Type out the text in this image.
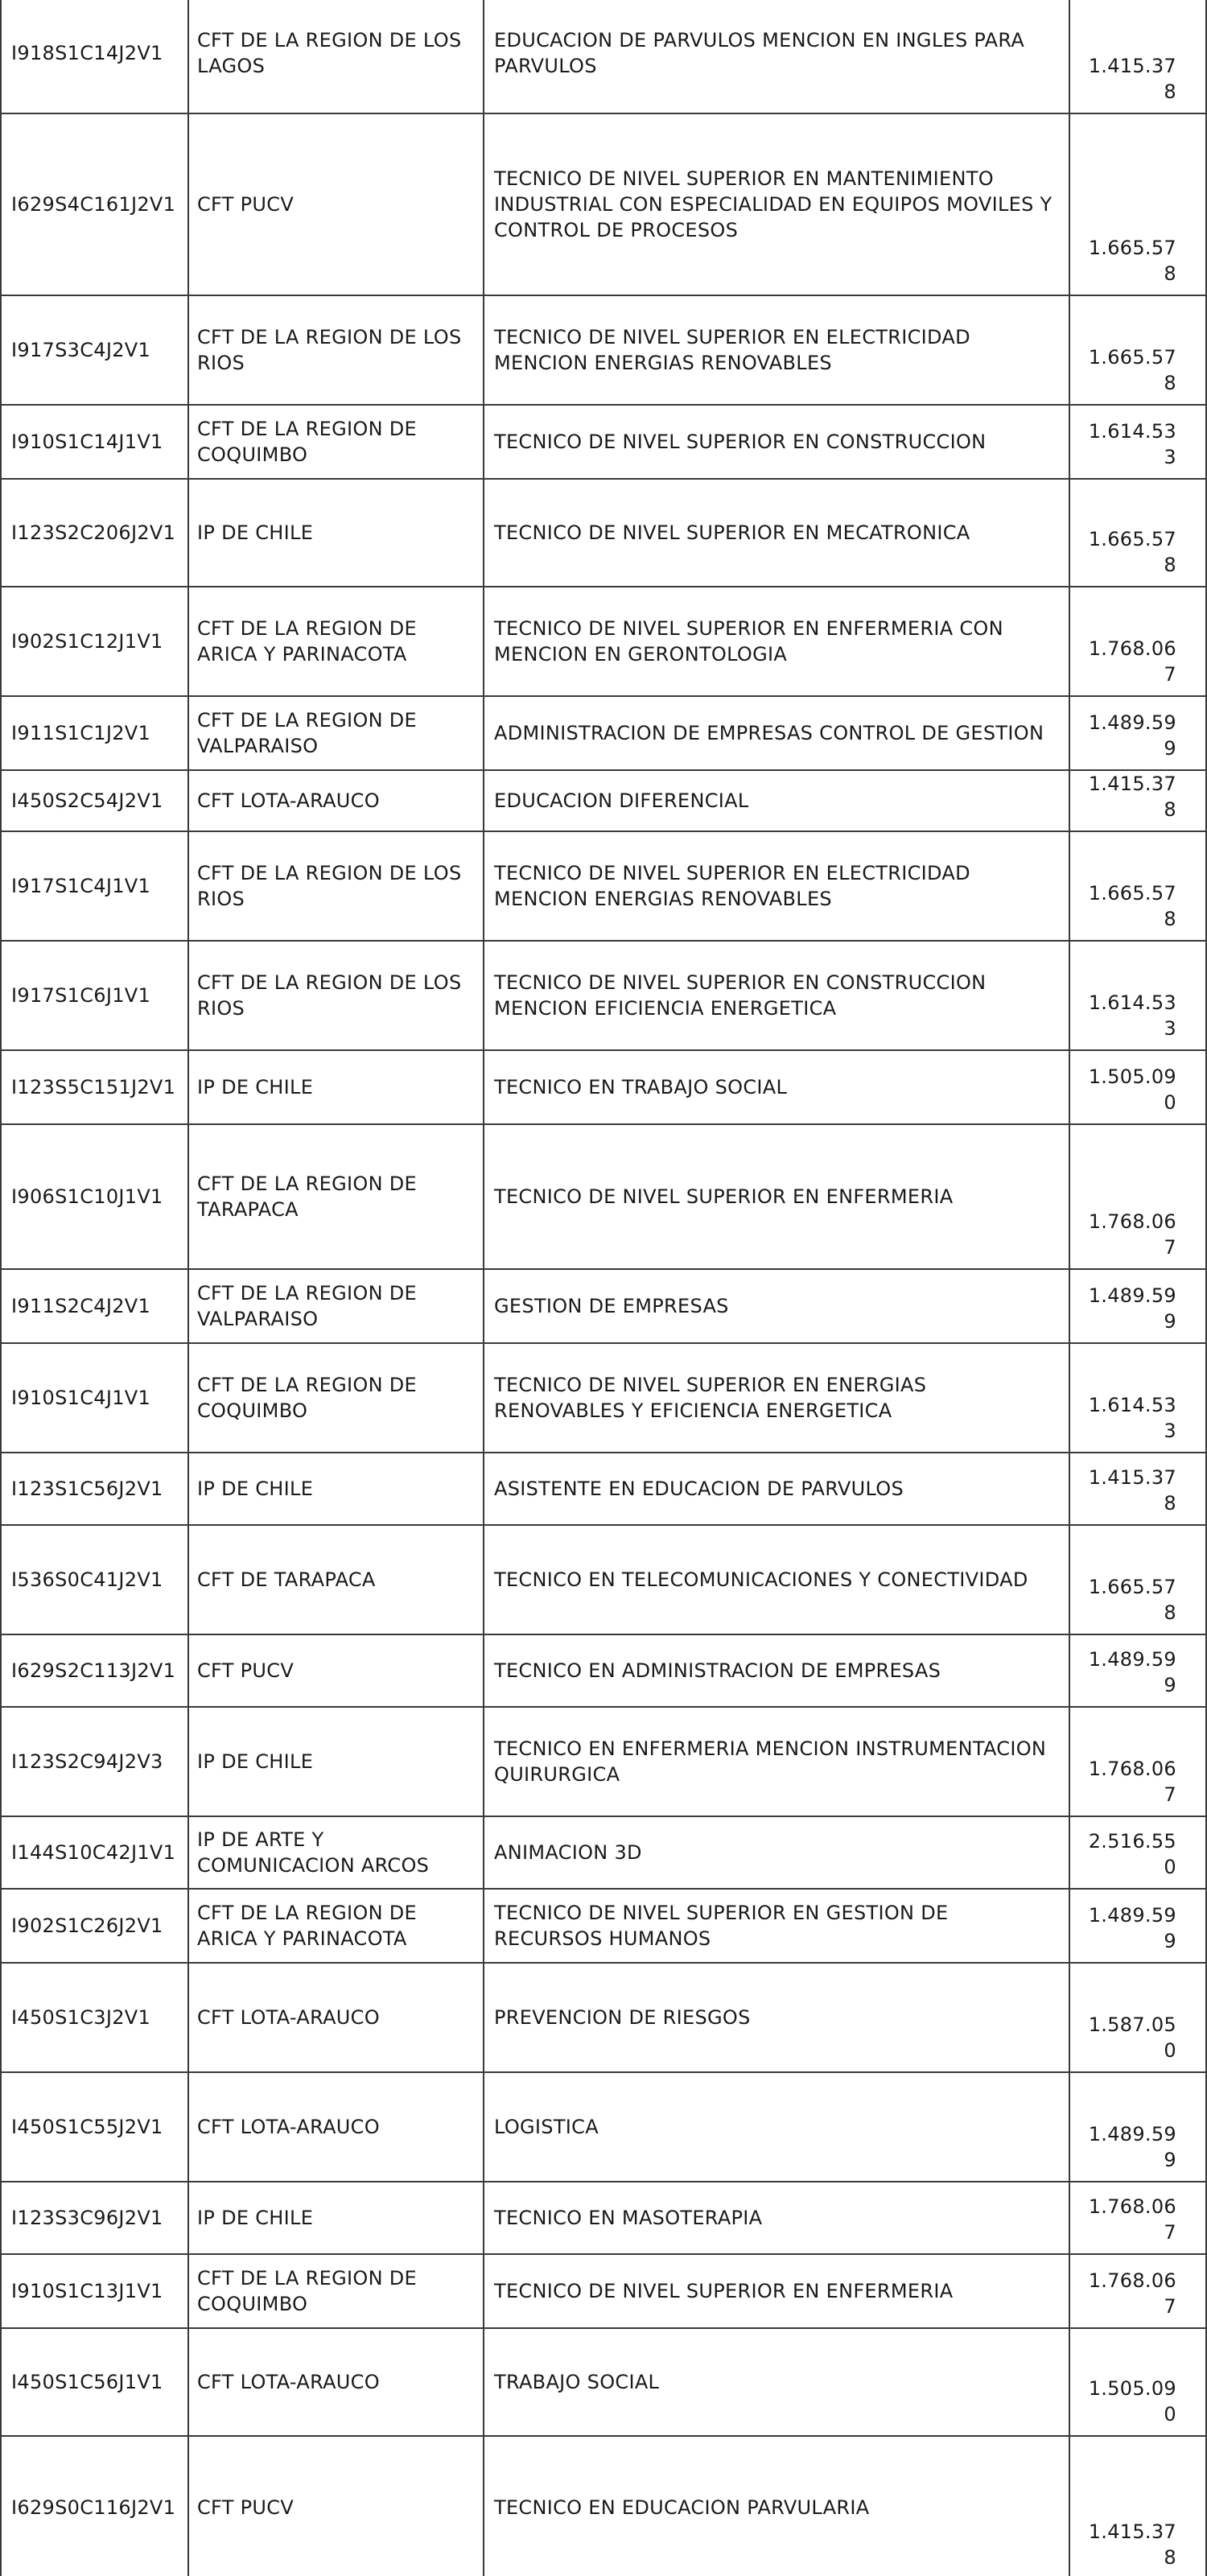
I918S1C14J2V1	CFT DE LA REGION DE LOS LAGOS	EDUCACION DE PARVULOS MENCION EN INGLES PARA PARVULOS	1.415.378
I629S4C161J2V1	CFT PUCV	TECNICO DE NIVEL SUPERIOR EN MANTENIMIENTO INDUSTRIAL CON ESPECIALIDAD EN EQUIPOS MOVILES Y CONTROL DE PROCESOS	1.665.578
I917S3C4J2V1	CFT DE LA REGION DE LOS RIOS	TECNICO DE NIVEL SUPERIOR EN ELECTRICIDAD MENCION ENERGIAS RENOVABLES	1.665.578
I910S1C14J1V1	CFT DE LA REGION DE COQUIMBO	TECNICO DE NIVEL SUPERIOR EN CONSTRUCCION	1.614.533
I123S2C206J2V1	IP DE CHILE	TECNICO DE NIVEL SUPERIOR EN MECATRONICA	1.665.578
I902S1C12J1V1	CFT DE LA REGION DE ARICA Y PARINACOTA	TECNICO DE NIVEL SUPERIOR EN ENFERMERIA CON MENCION EN GERONTOLOGIA	1.768.067
I911S1C1J2V1	CFT DE LA REGION DE VALPARAISO	ADMINISTRACION DE EMPRESAS CONTROL DE GESTION	1.489.599
I450S2C54J2V1	CFT LOTA-ARAUCO	EDUCACION DIFERENCIAL	1.415.378
I917S1C4J1V1	CFT DE LA REGION DE LOS RIOS	TECNICO DE NIVEL SUPERIOR EN ELECTRICIDAD MENCION ENERGIAS RENOVABLES	1.665.578
I917S1C6J1V1	CFT DE LA REGION DE LOS RIOS	TECNICO DE NIVEL SUPERIOR EN CONSTRUCCION MENCION EFICIENCIA ENERGETICA	1.614.533
I123S5C151J2V1	IP DE CHILE	TECNICO EN TRABAJO SOCIAL	1.505.090
I906S1C10J1V1	CFT DE LA REGION DE TARAPACA	TECNICO DE NIVEL SUPERIOR EN ENFERMERIA	1.768.067
I911S2C4J2V1	CFT DE LA REGION DE VALPARAISO	GESTION DE EMPRESAS	1.489.599
I910S1C4J1V1	CFT DE LA REGION DE COQUIMBO	TECNICO DE NIVEL SUPERIOR EN ENERGIAS RENOVABLES Y EFICIENCIA ENERGETICA	1.614.533
I123S1C56J2V1	IP DE CHILE	ASISTENTE EN EDUCACION DE PARVULOS	1.415.378
I536S0C41J2V1	CFT DE TARAPACA	TECNICO EN TELECOMUNICACIONES Y CONECTIVIDAD	1.665.578
I629S2C113J2V1	CFT PUCV	TECNICO EN ADMINISTRACION DE EMPRESAS	1.489.599
I123S2C94J2V3	IP DE CHILE	TECNICO EN ENFERMERIA MENCION INSTRUMENTACION QUIRURGICA	1.768.067
I144S10C42J1V1	IP DE ARTE Y COMUNICACION ARCOS	ANIMACION 3D	2.516.550
I902S1C26J2V1	CFT DE LA REGION DE ARICA Y PARINACOTA	TECNICO DE NIVEL SUPERIOR EN GESTION DE RECURSOS HUMANOS	1.489.599
I450S1C3J2V1	CFT LOTA-ARAUCO	PREVENCION DE RIESGOS	1.587.050
I450S1C55J2V1	CFT LOTA-ARAUCO	LOGISTICA	1.489.599
I123S3C96J2V1	IP DE CHILE	TECNICO EN MASOTERAPIA	1.768.067
I910S1C13J1V1	CFT DE LA REGION DE COQUIMBO	TECNICO DE NIVEL SUPERIOR EN ENFERMERIA	1.768.067
I450S1C56J1V1	CFT LOTA-ARAUCO	TRABAJO SOCIAL	1.505.090
I629S0C116J2V1	CFT PUCV	TECNICO EN EDUCACION PARVULARIA	1.415.378
